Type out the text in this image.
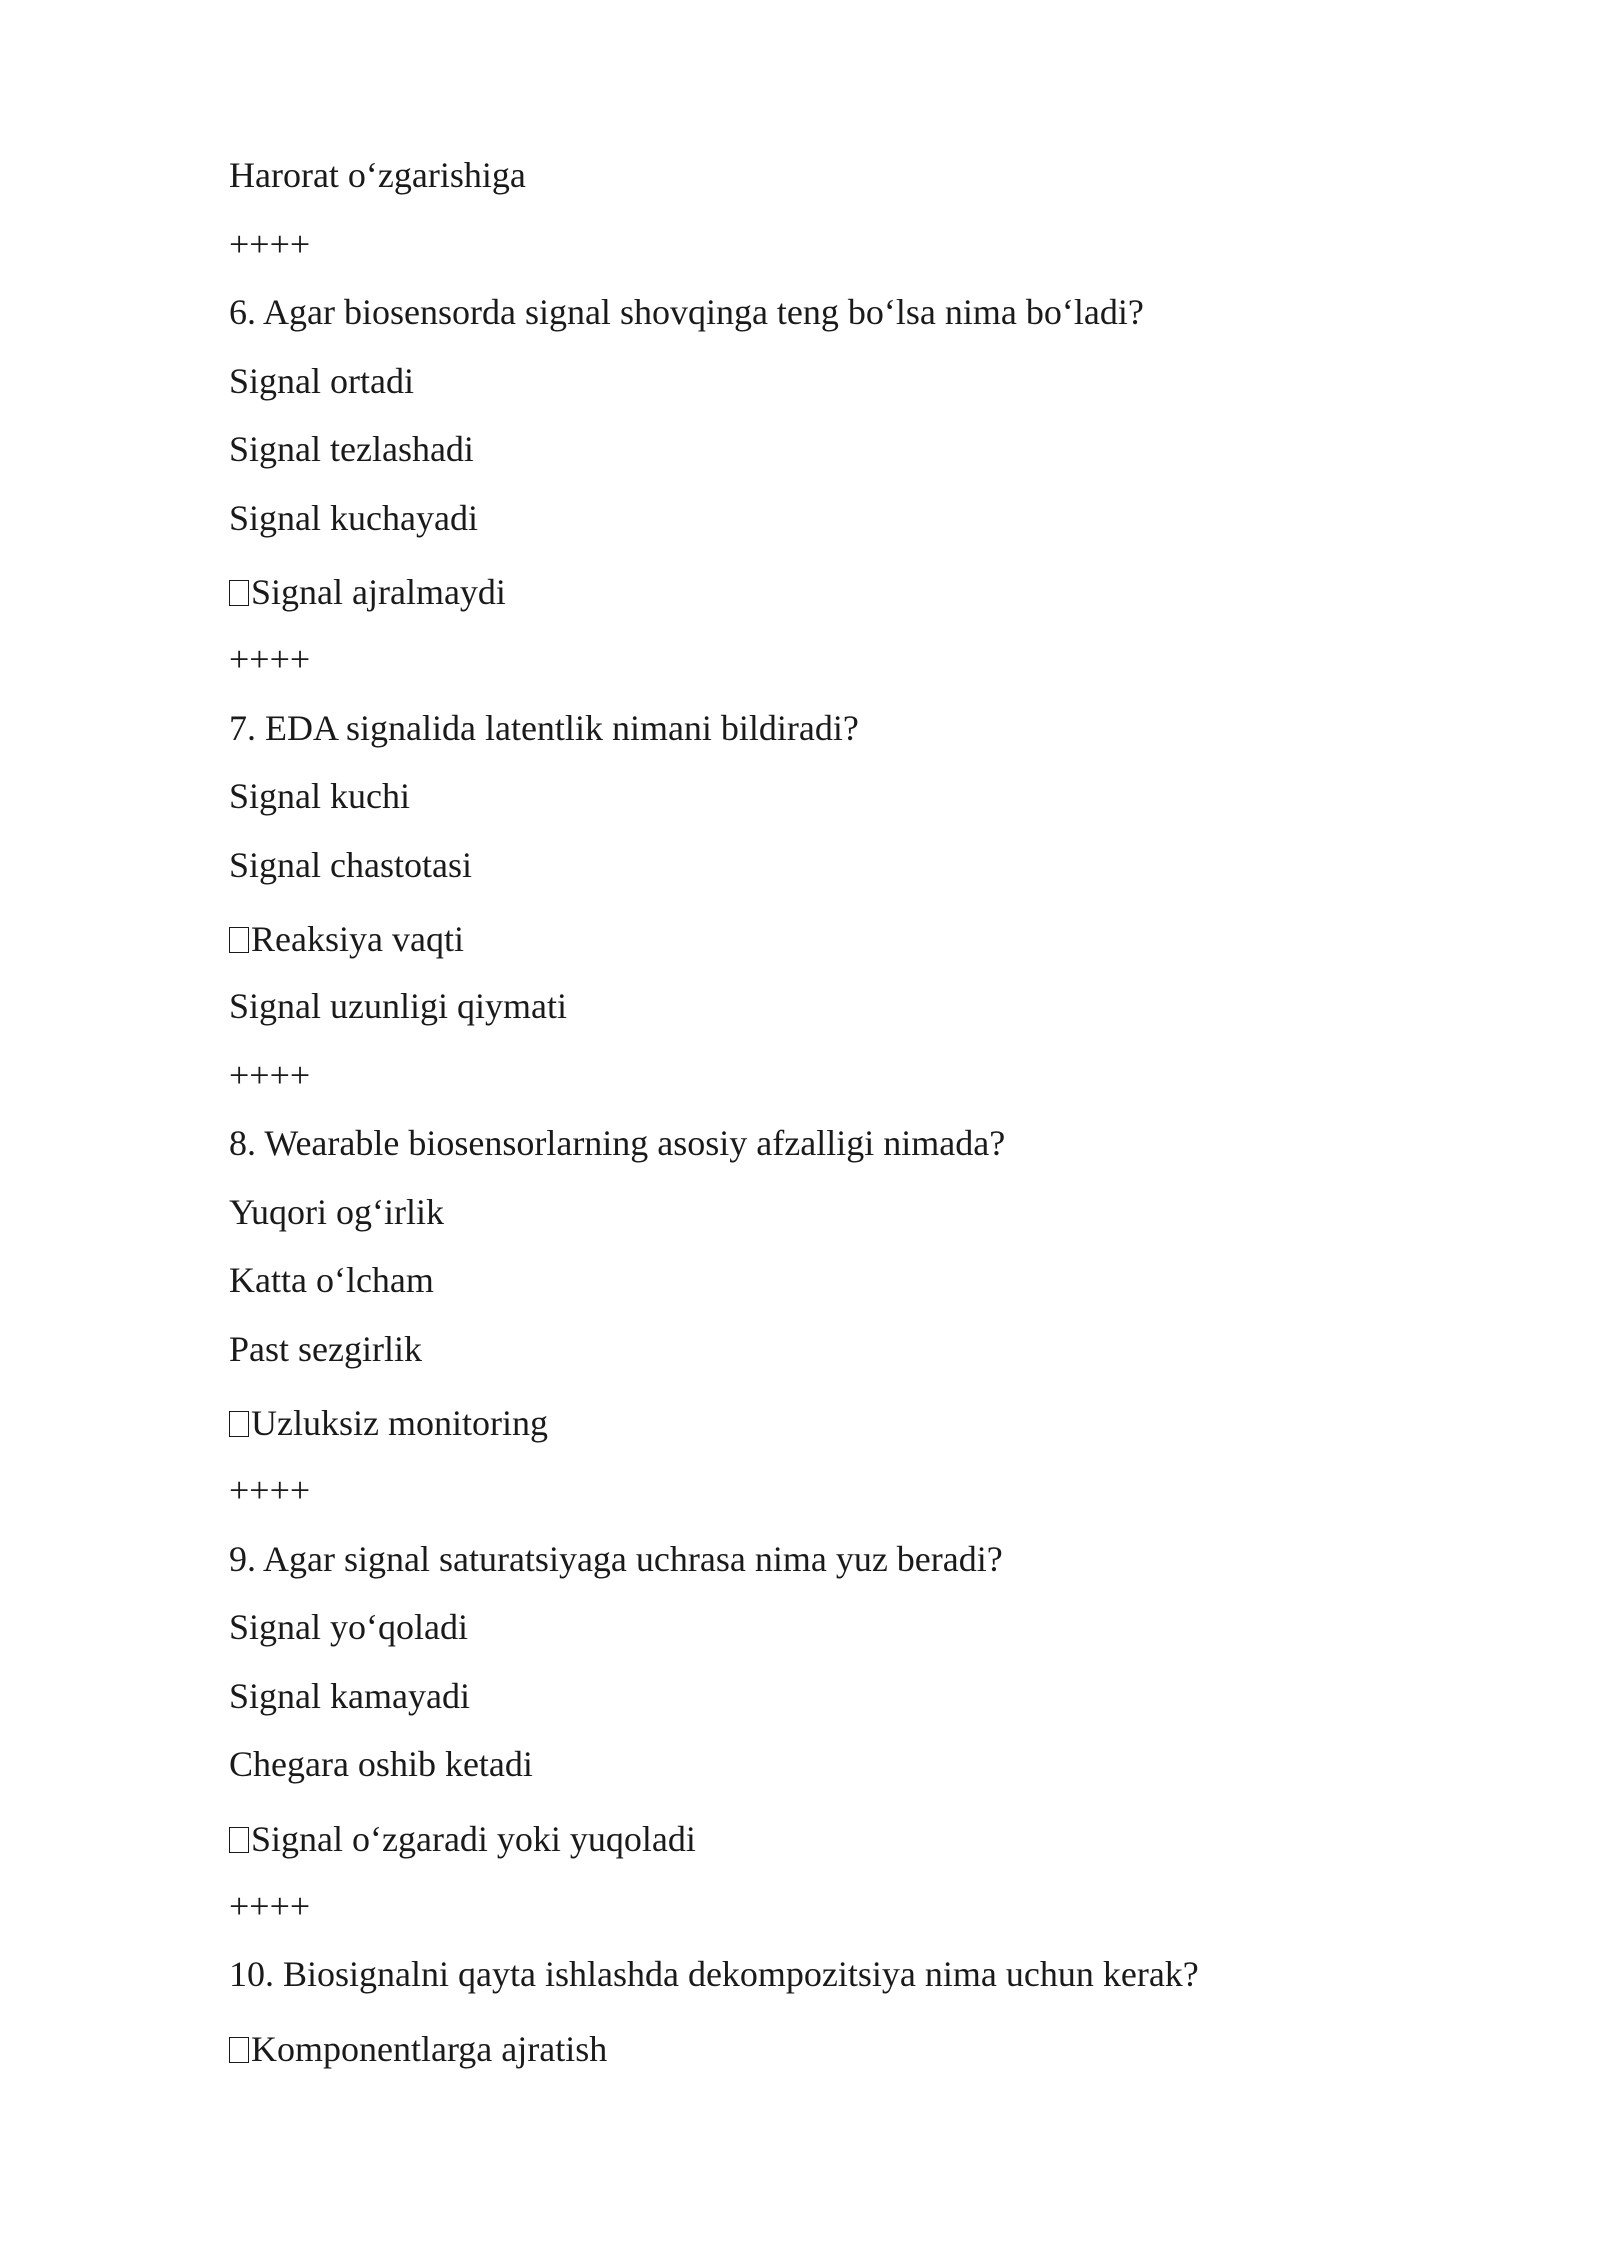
Harorat o‘zgarishiga
++++
6. Agar biosensorda signal shovqinga teng bo‘lsa nima bo‘ladi?
Signal ortadi
Signal tezlashadi
Signal kuchayadi
Signal ajralmaydi
++++
7. EDA signalida latentlik nimani bildiradi?
Signal kuchi
Signal chastotasi
Reaksiya vaqti
Signal uzunligi qiymati
++++
8. Wearable biosensorlarning asosiy afzalligi nimada?
Yuqori og‘irlik
Katta o‘lcham
Past sezgirlik
Uzluksiz monitoring
++++
9. Agar signal saturatsiyaga uchrasa nima yuz beradi?
Signal yo‘qoladi
Signal kamayadi
Chegara oshib ketadi
Signal o‘zgaradi yoki yuqoladi
++++
10. Biosignalni qayta ishlashda dekompozitsiya nima uchun kerak?
Komponentlarga ajratish
